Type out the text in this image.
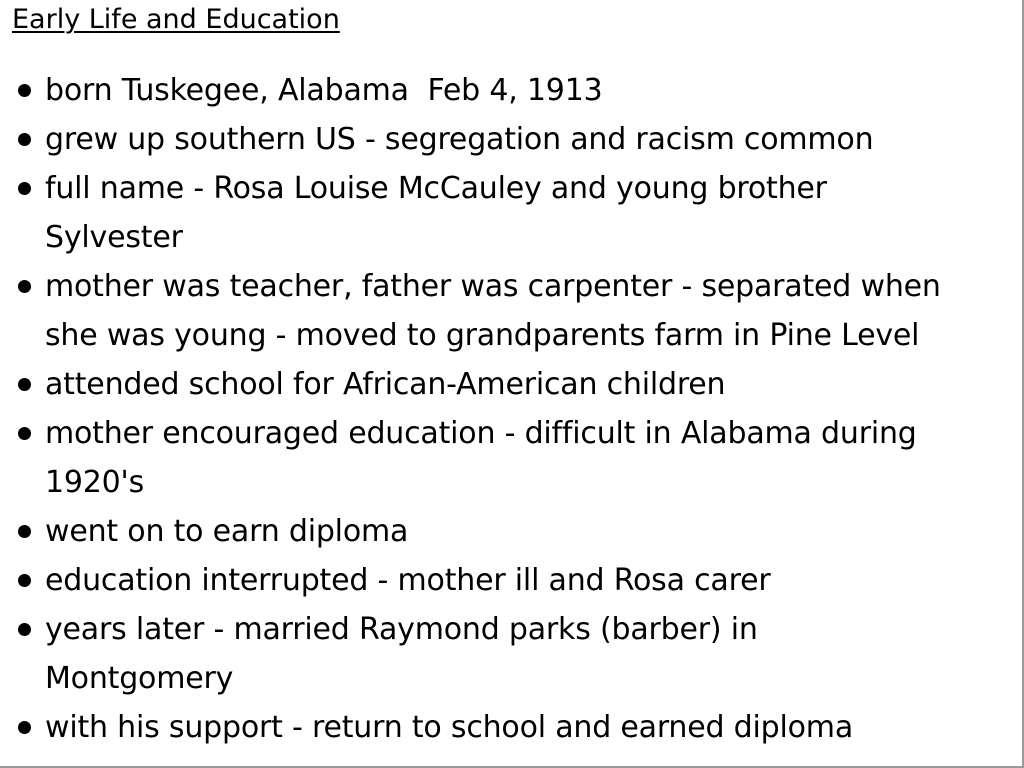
Early Life and Education
born Tuskegee, Alabama  Feb 4, 1913
grew up southern US - segregation and racism common
full name - Rosa Louise McCauley and young brother
Sylvester
mother was teacher, father was carpenter - separated when
she was young - moved to grandparents farm in Pine Level
attended school for African-American children
mother encouraged education - difficult in Alabama during
1920's
went on to earn diploma
education interrupted - mother ill and Rosa carer
years later - married Raymond parks (barber) in
Montgomery
with his support - return to school and earned diploma
